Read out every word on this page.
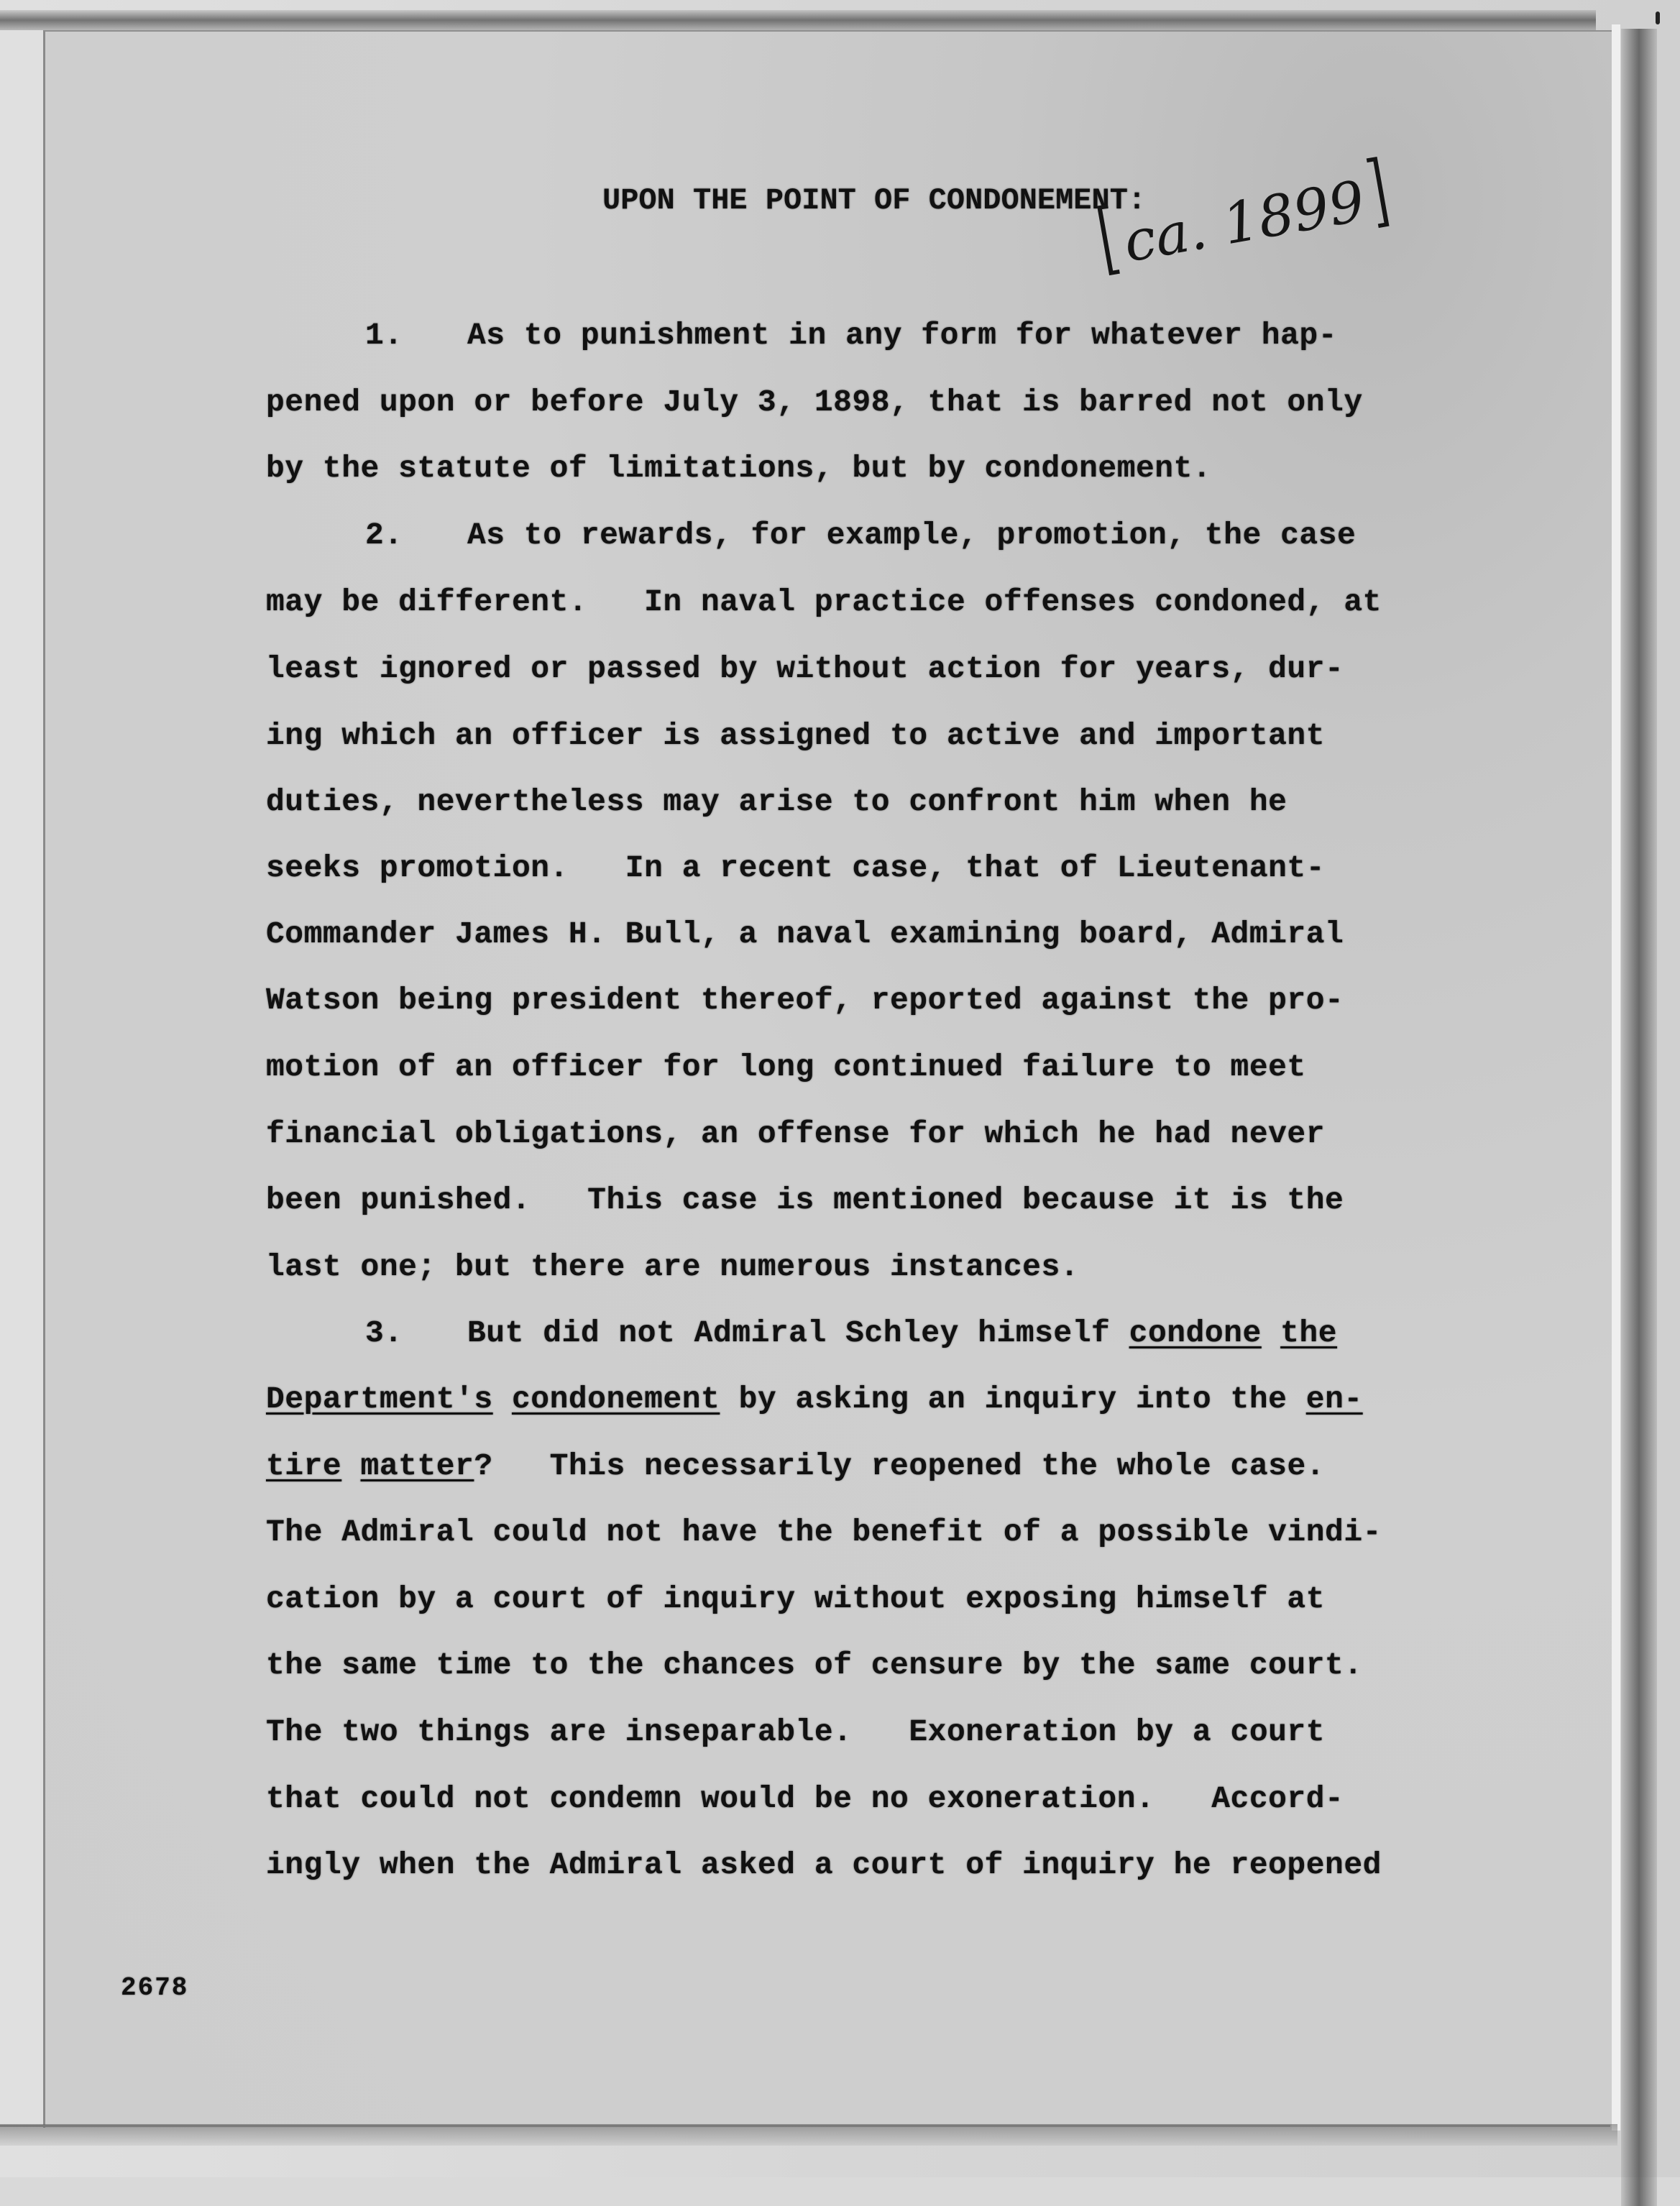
UPON THE POINT OF CONDONEMENT:
[ca. 1899]
1. As to punishment in any form for whatever hap-
pened upon or before July 3, 1898, that is barred not only
by the statute of limitations, but by condonement.
2. As to rewards, for example, promotion, the case
may be different.   In naval practice offenses condoned, at
least ignored or passed by without action for years, dur-
ing which an officer is assigned to active and important
duties, nevertheless may arise to confront him when he
seeks promotion.   In a recent case, that of Lieutenant-
Commander James H. Bull, a naval examining board, Admiral
Watson being president thereof, reported against the pro-
motion of an officer for long continued failure to meet
financial obligations, an offense for which he had never
been punished.   This case is mentioned because it is the
last one; but there are numerous instances.
3. But did not Admiral Schley himself condone the
Department's condonement by asking an inquiry into the en-
tire matter?   This necessarily reopened the whole case.
The Admiral could not have the benefit of a possible vindi-
cation by a court of inquiry without exposing himself at
the same time to the chances of censure by the same court.
The two things are inseparable.   Exoneration by a court
that could not condemn would be no exoneration.   Accord-
ingly when the Admiral asked a court of inquiry he reopened
2678
